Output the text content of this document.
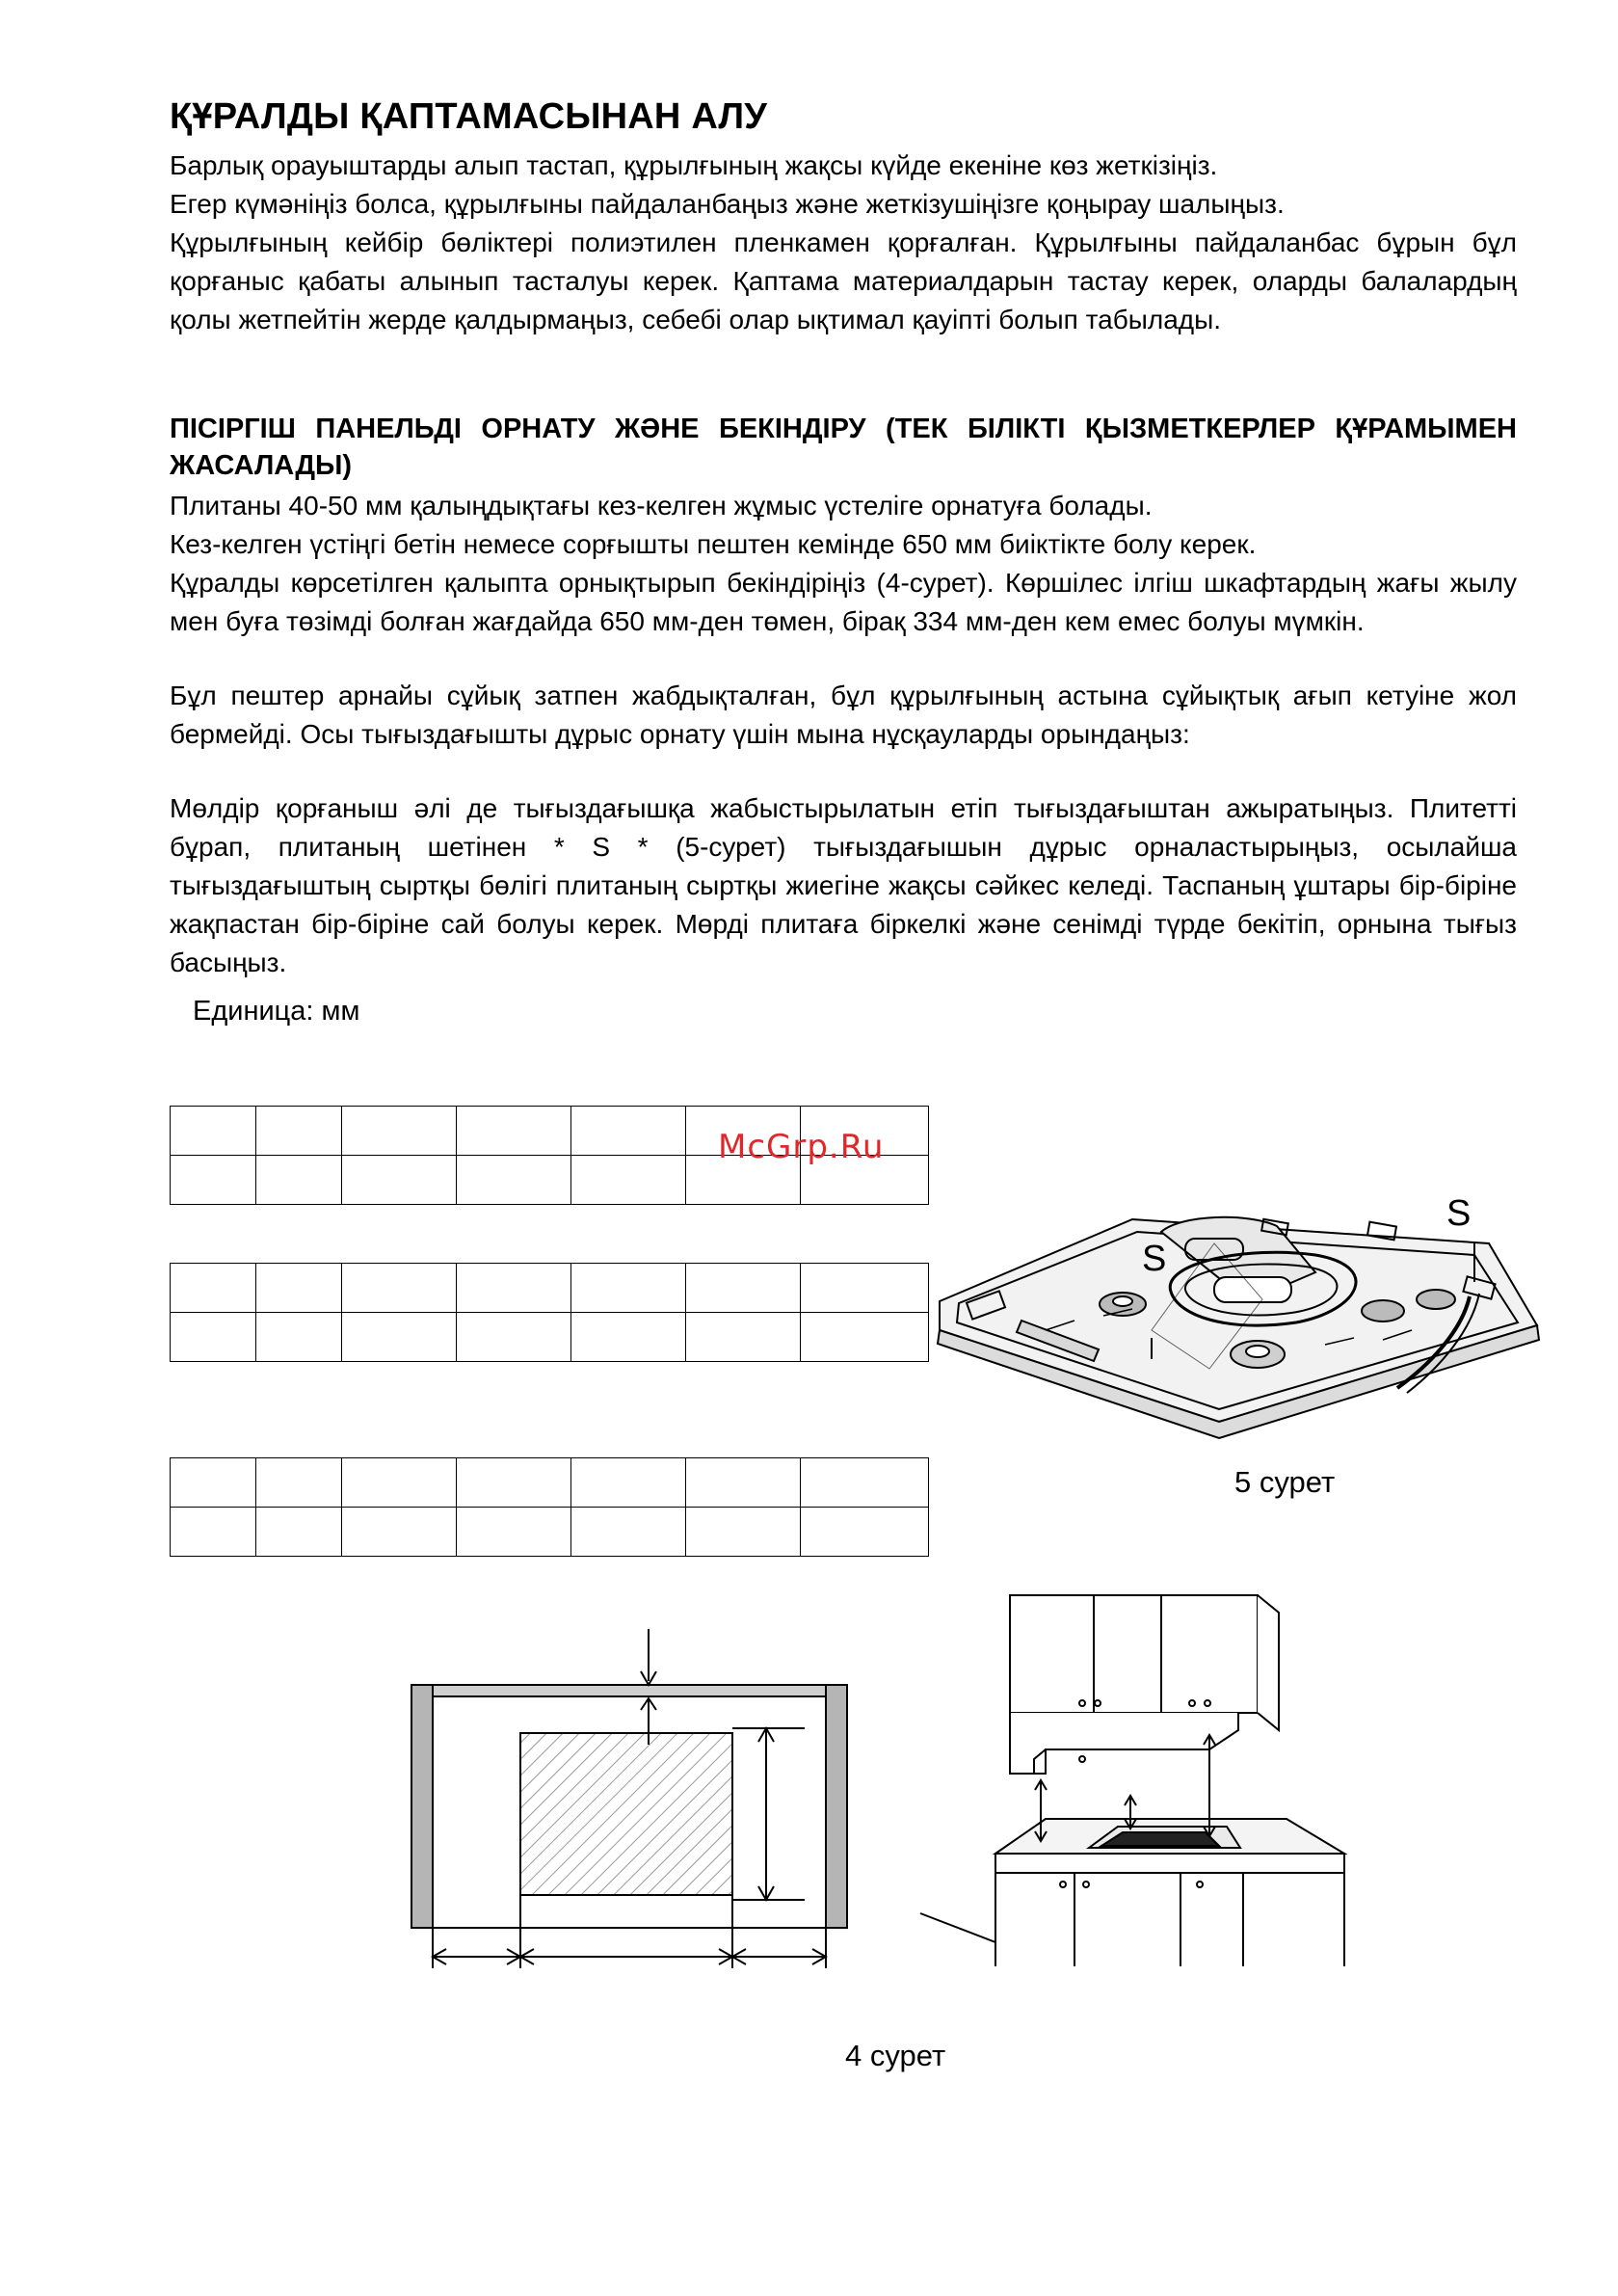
ҚҰРАЛДЫ ҚАПТАМАСЫНАН АЛУ

Барлық орауыштарды алып тастап, құрылғының жақсы күйде екеніне көз жеткізіңіз.

Егер күмәніңіз болса, құрылғыны пайдаланбаңыз және жеткізушіңізге қоңырау шалыңыз.

Құрылғының кейбір бөліктері полиэтилен пленкамен қорғалған. Құрылғыны пайдаланбас бұрын бұл қорғаныс қабаты алынып тасталуы керек. Қаптама материалдарын тастау керек, оларды балалардың қолы жетпейтін жерде қалдырмаңыз, себебі олар ықтимал қауіпті болып табылады.

ПІСІРГІШ ПАНЕЛЬДІ ОРНАТУ ЖӘНЕ БЕКІНДІРУ (ТЕК БІЛІКТІ ҚЫЗМЕТКЕРЛЕР ҚҰРАМЫМЕН ЖАСАЛАДЫ)

Плитаны 40-50 мм қалыңдықтағы кез-келген жұмыс үстеліге орнатуға болады.

Кез-келген үстіңгі бетін немесе сорғышты пештен кемінде 650 мм биіктікте болу керек.

Құралды көрсетілген қалыпта орнықтырып бекіндіріңіз (4-сурет). Көршілес ілгіш шкафтардың жағы жылу мен буға төзімді болған жағдайда 650 мм-ден төмен, бірақ 334 мм-ден кем емес болуы мүмкін.

Бұл пештер арнайы сұйық затпен жабдықталған, бұл құрылғының астына сұйықтық ағып кетуіне жол бермейді. Осы тығыздағышты дұрыс орнату үшін мына нұсқауларды орындаңыз:

Мөлдір қорғаныш әлі де тығыздағышқа жабыстырылатын етіп тығыздағыштан ажыратыңыз. Плитетті бұрап, плитаның шетінен * S * (5-сурет) тығыздағышын дұрыс орналастырыңыз, осылайша тығыздағыштың сыртқы бөлігі плитаның сыртқы жиегіне жақсы сәйкес келеді. Таспаның ұштары бір-біріне жақпастан бір-біріне сай болуы керек. Мөрді плитаға біркелкі және сенімді түрде бекітіп, орнына тығыз басыңыз.

Единица: мм

McGrp.Ru
S
S
5 сурет
4 сурет
